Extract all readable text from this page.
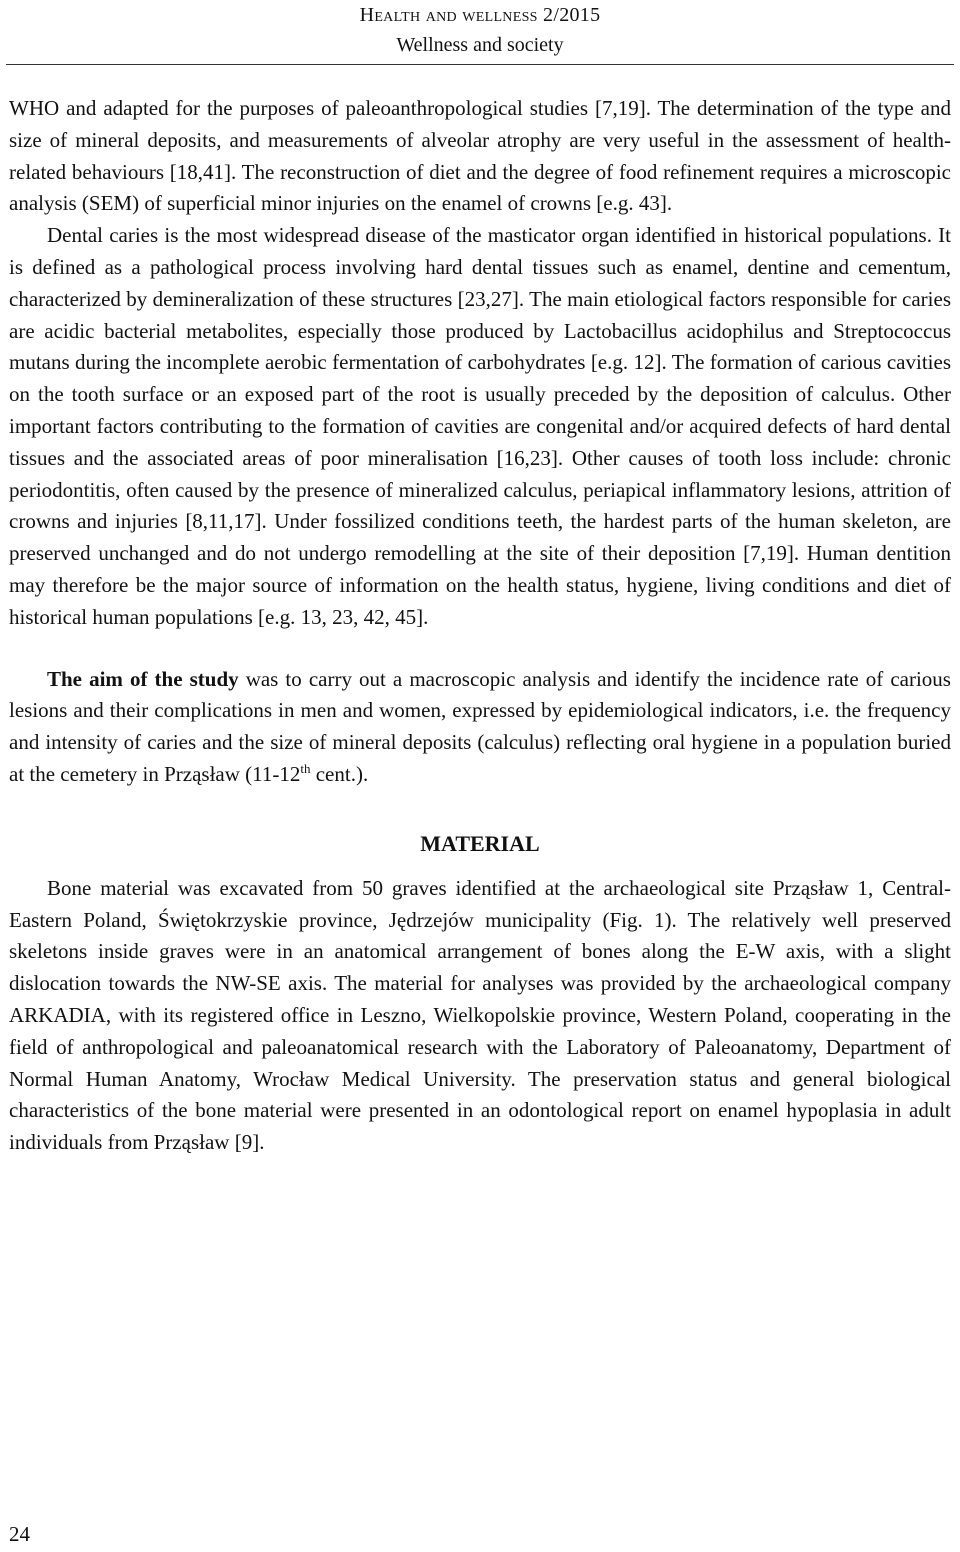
Health and wellness 2/2015
Wellness and society

WHO and adapted for the purposes of paleoanthropological studies [7,19]. The determination of the type and size of mineral deposits, and measurements of alveolar atrophy are very useful in the assessment of health-related behaviours [18,41]. The reconstruction of diet and the degree of food refinement requires a microscopic analysis (SEM) of superficial minor injuries on the enamel of crowns [e.g. 43].

Dental caries is the most widespread disease of the masticator organ identified in historical populations. It is defined as a pathological process involving hard dental tissues such as enamel, dentine and cementum, characterized by demineralization of these structures [23,27]. The main etiological factors responsible for caries are acidic bacterial metabolites, especially those produced by Lactobacillus acidophilus and Streptococcus mutans during the incomplete aerobic fermentation of carbohydrates [e.g. 12]. The formation of carious cavities on the tooth surface or an exposed part of the root is usually preceded by the deposition of calculus. Other important factors contributing to the formation of cavities are congenital and/or acquired defects of hard dental tissues and the associated areas of poor mineralisation [16,23]. Other causes of tooth loss include: chronic periodontitis, often caused by the presence of mineralized calculus, periapical inflammatory lesions, attrition of crowns and injuries [8,11,17]. Under fossilized conditions teeth, the hardest parts of the human skeleton, are preserved unchanged and do not undergo remodelling at the site of their deposition [7,19]. Human dentition may therefore be the major source of information on the health status, hygiene, living conditions and diet of historical human populations [e.g. 13, 23, 42, 45].

The aim of the study was to carry out a macroscopic analysis and identify the incidence rate of carious lesions and their complications in men and women, expressed by epidemiological indicators, i.e. the frequency and intensity of caries and the size of mineral deposits (calculus) reflecting oral hygiene in a population buried at the cemetery in Prząsław (11-12th cent.).

MATERIAL

Bone material was excavated from 50 graves identified at the archaeological site Prząsław 1, Central-Eastern Poland, Świętokrzyskie province, Jędrzejów municipality (Fig. 1). The relatively well preserved skeletons inside graves were in an anatomical arrangement of bones along the E-W axis, with a slight dislocation towards the NW-SE axis. The material for analyses was provided by the archaeological company ARKADIA, with its registered office in Leszno, Wielkopolskie province, Western Poland, cooperating in the field of anthropological and paleoanatomical research with the Laboratory of Paleoanatomy, Department of Normal Human Anatomy, Wrocław Medical University. The preservation status and general biological characteristics of the bone material were presented in an odontological report on enamel hypoplasia in adult individuals from Prząsław [9].

24
